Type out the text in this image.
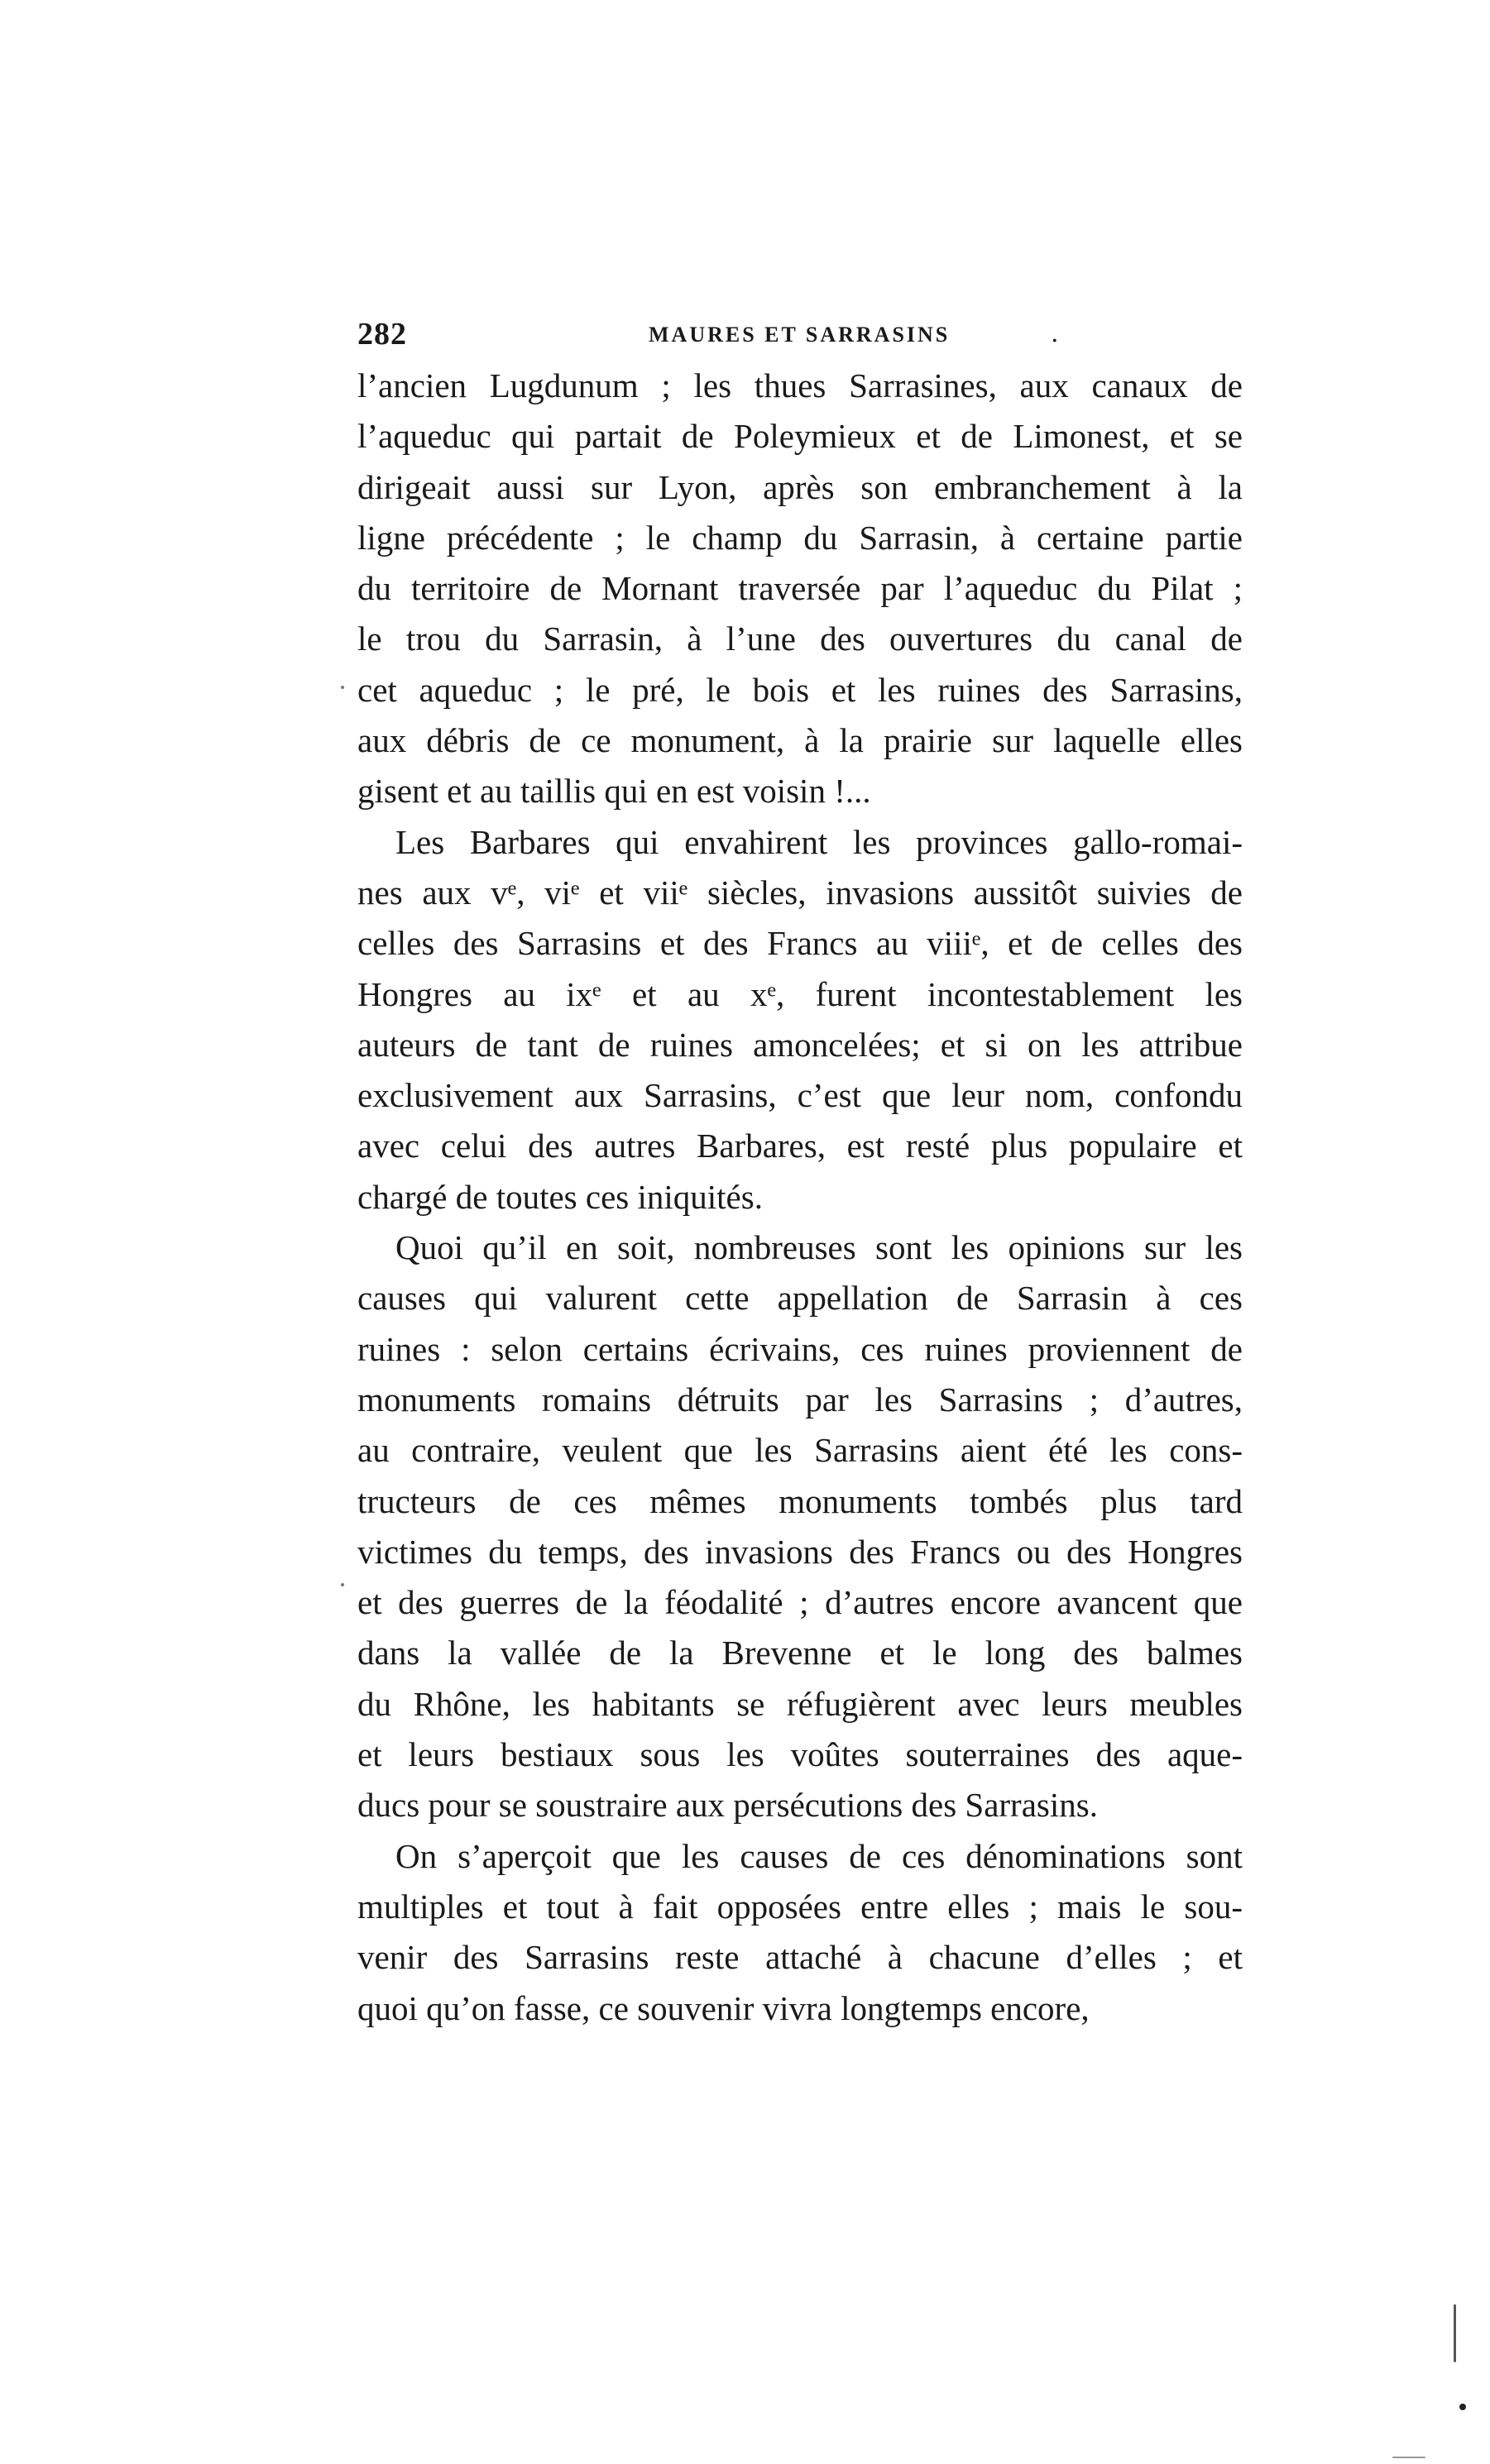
282	MAURES ET SARRASINS	.
l’ancien Lugdunum ; les thues Sarrasines, aux canaux de
l’aqueduc qui partait de Poleymieux et de Limonest, et se
dirigeait aussi sur Lyon, après son embranchement à la
ligne précédente ; le champ du Sarrasin, à certaine partie
du territoire de Mornant traversée par l’aqueduc du Pilat ;
le trou du Sarrasin, à l’une des ouvertures du canal de
cet aqueduc ; le pré, le bois et les ruines des Sarrasins,
aux débris de ce monument, à la prairie sur laquelle elles
gisent et au taillis qui en est voisin !...
Les Barbares qui envahirent les provinces gallo-romai-
nes aux vᵉ, viᵉ et viiᵉ siècles, invasions aussitôt suivies de
celles des Sarrasins et des Francs au viiiᵉ, et de celles des
Hongres au ixᵉ et au xᵉ, furent incontestablement les
auteurs de tant de ruines amoncelées; et si on les attribue
exclusivement aux Sarrasins, c’est que leur nom, confondu
avec celui des autres Barbares, est resté plus populaire et
chargé de toutes ces iniquités.
Quoi qu’il en soit, nombreuses sont les opinions sur les
causes qui valurent cette appellation de Sarrasin à ces
ruines : selon certains écrivains, ces ruines proviennent de
monuments romains détruits par les Sarrasins ; d’autres,
au contraire, veulent que les Sarrasins aient été les cons-
tructeurs de ces mêmes monuments tombés plus tard
victimes du temps, des invasions des Francs ou des Hongres
et des guerres de la féodalité ; d’autres encore avancent que
dans la vallée de la Brevenne et le long des balmes
du Rhône, les habitants se réfugièrent avec leurs meubles
et leurs bestiaux sous les voûtes souterraines des aque-
ducs pour se soustraire aux persécutions des Sarrasins.
On s’aperçoit que les causes de ces dénominations sont
multiples et tout à fait opposées entre elles ; mais le sou-
venir des Sarrasins reste attaché à chacune d’elles ; et
quoi qu’on fasse, ce souvenir vivra longtemps encore,
